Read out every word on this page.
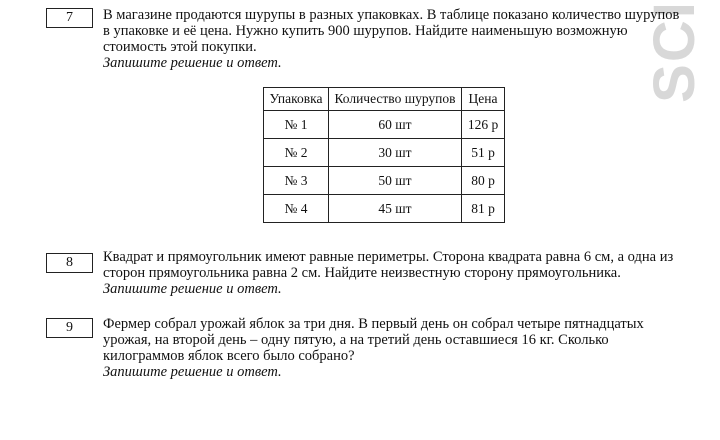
SCI
7	В магазине продаются шурупы в разных упаковках. В таблице показано количество шурупов
в упаковке и её цена. Нужно купить 900 шурупов. Найдите наименьшую возможную
стоимость этой покупки.
Запишите решение и ответ.
Упаковка	Количество шурупов	Цена
№ 1	60 шт	126 р
№ 2	30 шт	51 р
№ 3	50 шт	80 р
№ 4	45 шт	81 р
8	Квадрат и прямоугольник имеют равные периметры. Сторона квадрата равна 6 см, а одна из
сторон прямоугольника равна 2 см. Найдите неизвестную сторону прямоугольника.
Запишите решение и ответ.
9	Фермер собрал урожай яблок за три дня. В первый день он собрал четыре пятнадцатых
урожая, на второй день – одну пятую, а на третий день оставшиеся 16 кг. Сколько
килограммов яблок всего было собрано?
Запишите решение и ответ.
